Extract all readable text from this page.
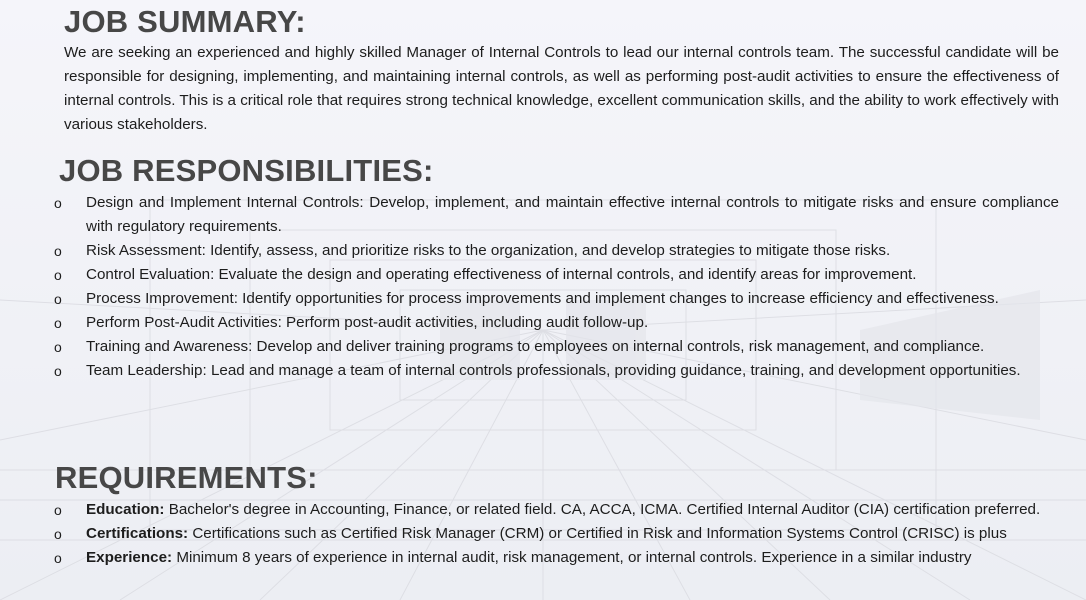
JOB SUMMARY:

We are seeking an experienced and highly skilled Manager of Internal Controls to lead our internal controls team. The successful candidate will be responsible for designing, implementing, and maintaining internal controls, as well as performing post-audit activities to ensure the effectiveness of internal controls. This is a critical role that requires strong technical knowledge, excellent communication skills, and the ability to work effectively with various stakeholders.

JOB RESPONSIBILITIES:
o Design and Implement Internal Controls: Develop, implement, and maintain effective internal controls to mitigate risks and ensure compliance with regulatory requirements.
o Risk Assessment: Identify, assess, and prioritize risks to the organization, and develop strategies to mitigate those risks.
o Control Evaluation: Evaluate the design and operating effectiveness of internal controls, and identify areas for improvement.
o Process Improvement: Identify opportunities for process improvements and implement changes to increase efficiency and effectiveness.
o Perform Post-Audit Activities: Perform post-audit activities, including audit follow-up.
o Training and Awareness: Develop and deliver training programs to employees on internal controls, risk management, and compliance.
o Team Leadership: Lead and manage a team of internal controls professionals, providing guidance, training, and development opportunities.
REQUIREMENTS:
o Education: Bachelor's degree in Accounting, Finance, or related field. CA, ACCA, ICMA. Certified Internal Auditor (CIA) certification preferred.
o Certifications: Certifications such as Certified Risk Manager (CRM) or Certified in Risk and Information Systems Control (CRISC) is plus
o Experience: Minimum 8 years of experience in internal audit, risk management, or internal controls. Experience in a similar industry
